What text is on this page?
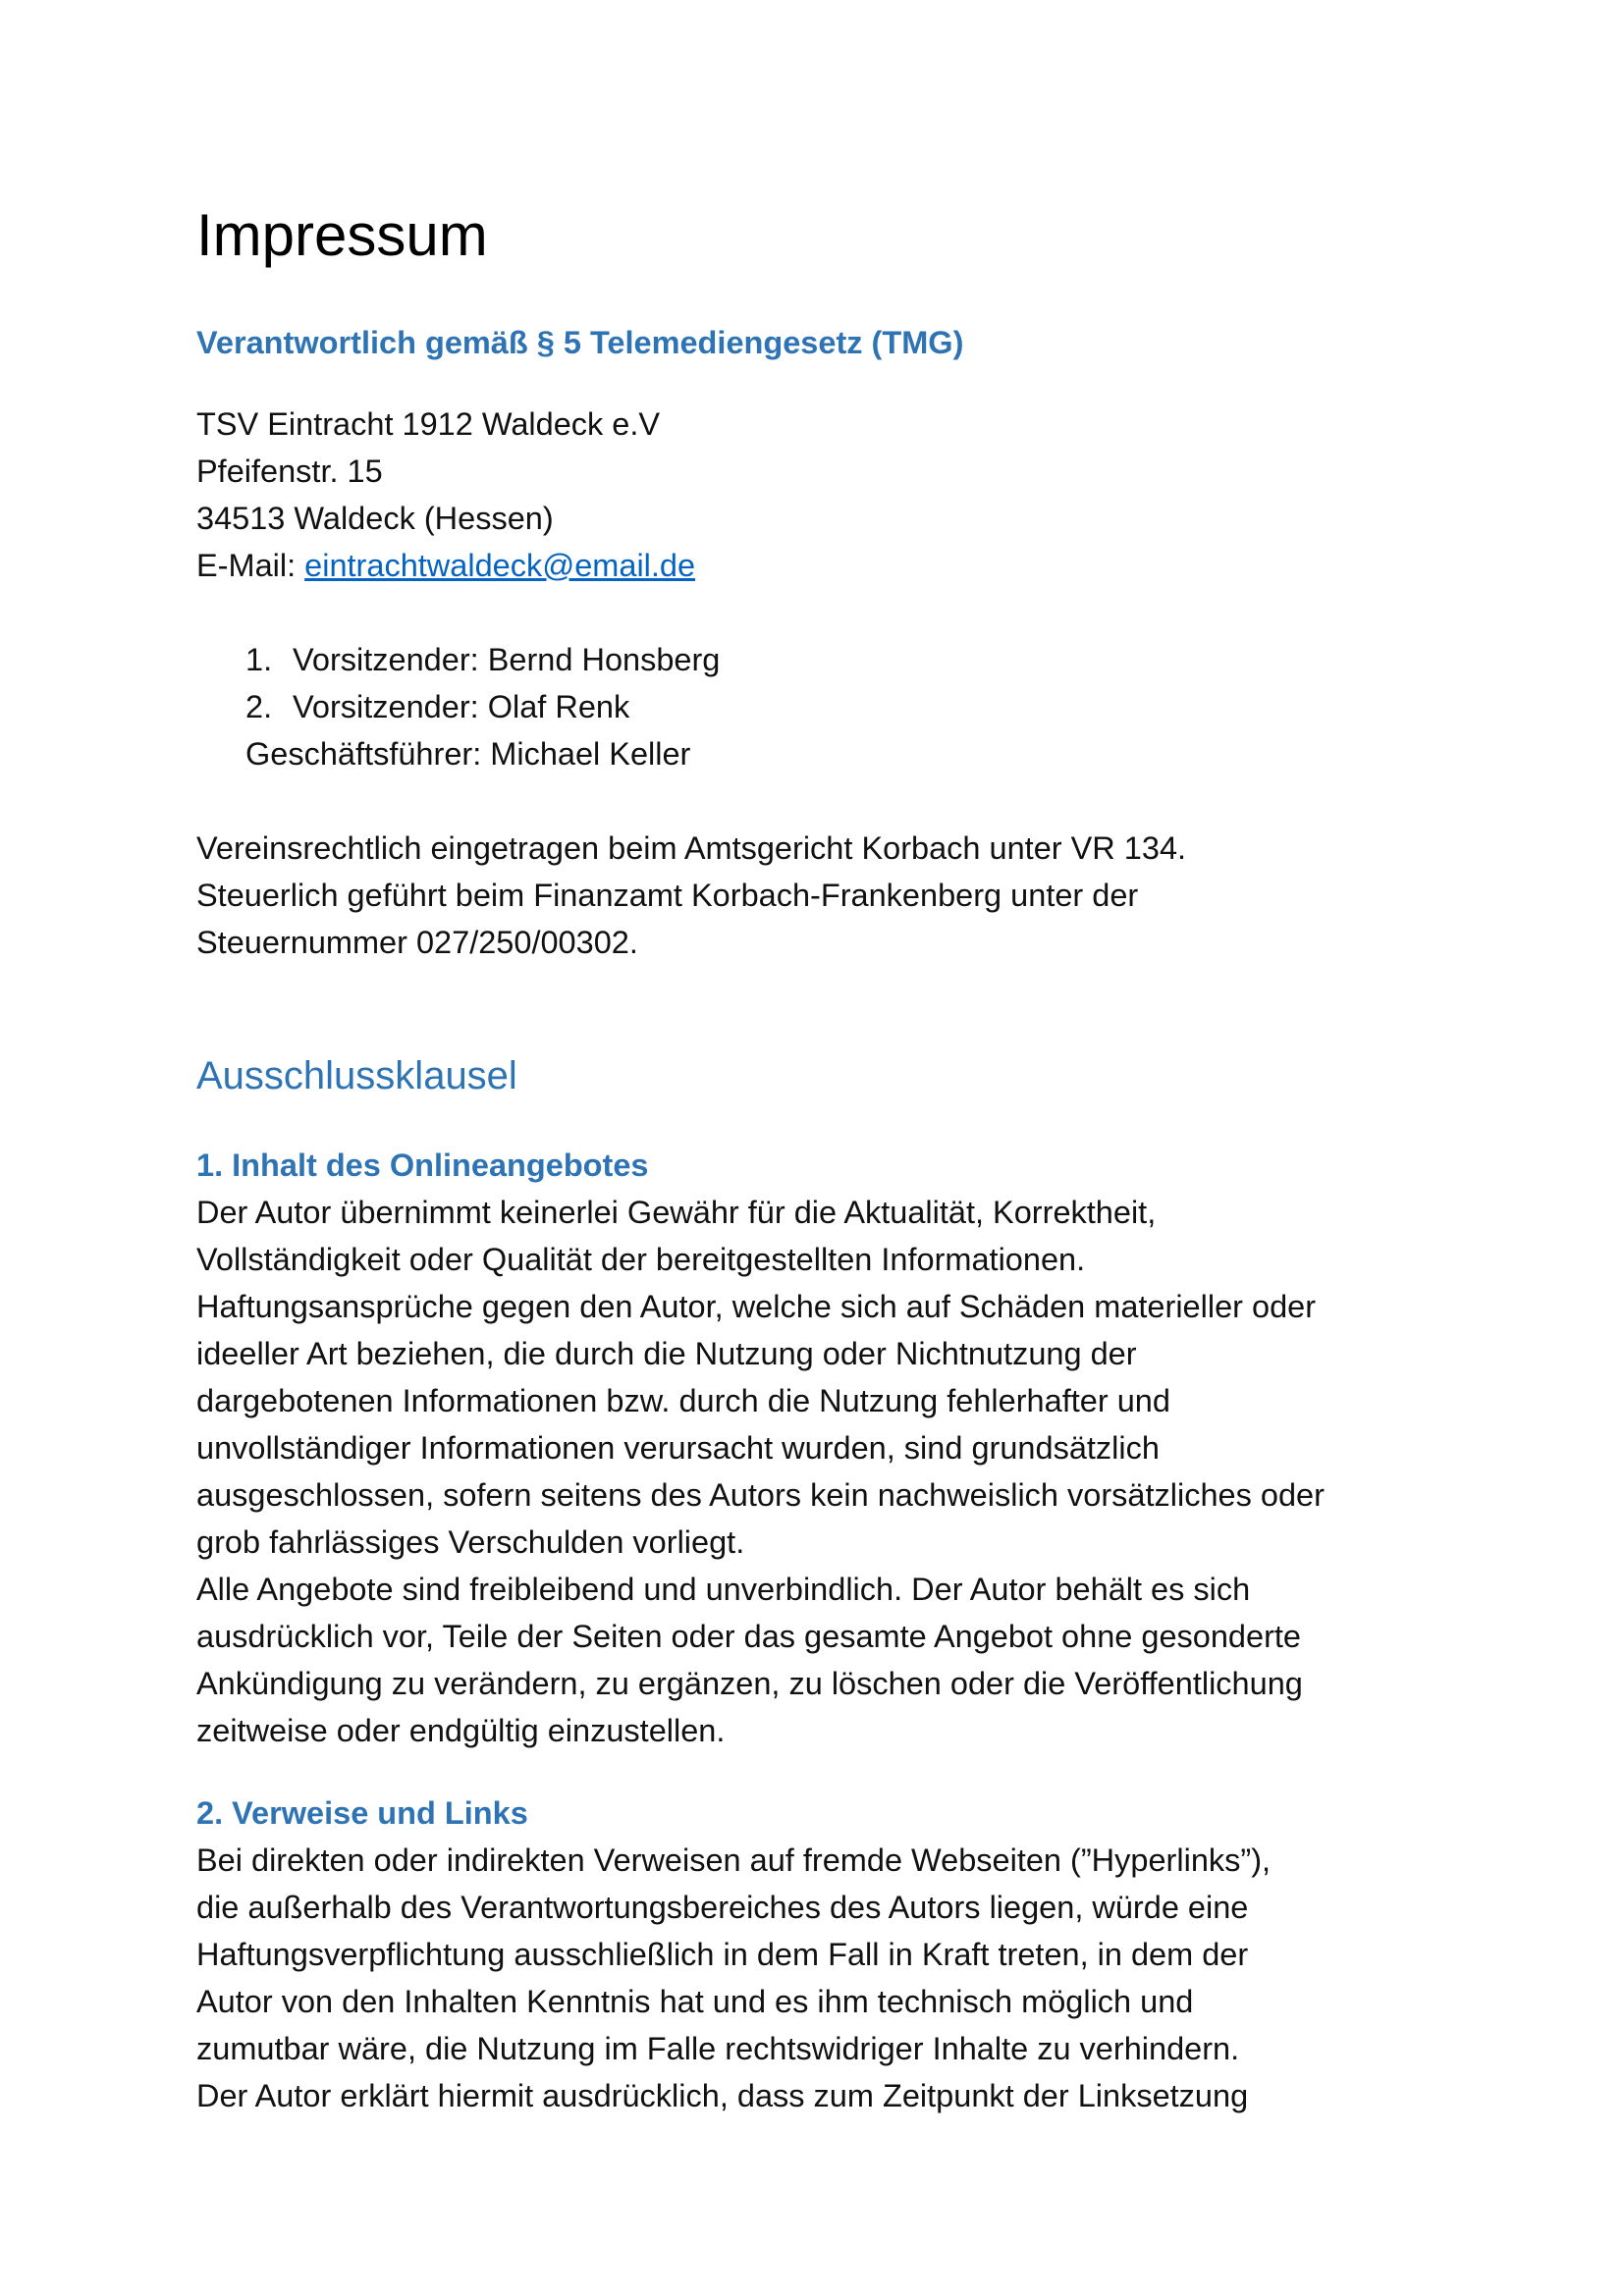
Impressum
Verantwortlich gemäß § 5 Telemediengesetz (TMG)
TSV Eintracht 1912 Waldeck e.V
Pfeifenstr. 15
34513 Waldeck (Hessen)
E-Mail: eintrachtwaldeck@email.de
1. Vorsitzender: Bernd Honsberg
2. Vorsitzender: Olaf Renk
Geschäftsführer: Michael Keller
Vereinsrechtlich eingetragen beim Amtsgericht Korbach unter VR 134.
Steuerlich geführt beim Finanzamt Korbach-Frankenberg unter der
Steuernummer 027/250/00302.
Ausschlussklausel
1. Inhalt des Onlineangebotes
Der Autor übernimmt keinerlei Gewähr für die Aktualität, Korrektheit,
Vollständigkeit oder Qualität der bereitgestellten Informationen.
Haftungsansprüche gegen den Autor, welche sich auf Schäden materieller oder
ideeller Art beziehen, die durch die Nutzung oder Nichtnutzung der
dargebotenen Informationen bzw. durch die Nutzung fehlerhafter und
unvollständiger Informationen verursacht wurden, sind grundsätzlich
ausgeschlossen, sofern seitens des Autors kein nachweislich vorsätzliches oder
grob fahrlässiges Verschulden vorliegt.
Alle Angebote sind freibleibend und unverbindlich. Der Autor behält es sich
ausdrücklich vor, Teile der Seiten oder das gesamte Angebot ohne gesonderte
Ankündigung zu verändern, zu ergänzen, zu löschen oder die Veröffentlichung
zeitweise oder endgültig einzustellen.
2. Verweise und Links
Bei direkten oder indirekten Verweisen auf fremde Webseiten (”Hyperlinks”),
die außerhalb des Verantwortungsbereiches des Autors liegen, würde eine
Haftungsverpflichtung ausschließlich in dem Fall in Kraft treten, in dem der
Autor von den Inhalten Kenntnis hat und es ihm technisch möglich und
zumutbar wäre, die Nutzung im Falle rechtswidriger Inhalte zu verhindern.
Der Autor erklärt hiermit ausdrücklich, dass zum Zeitpunkt der Linksetzung
